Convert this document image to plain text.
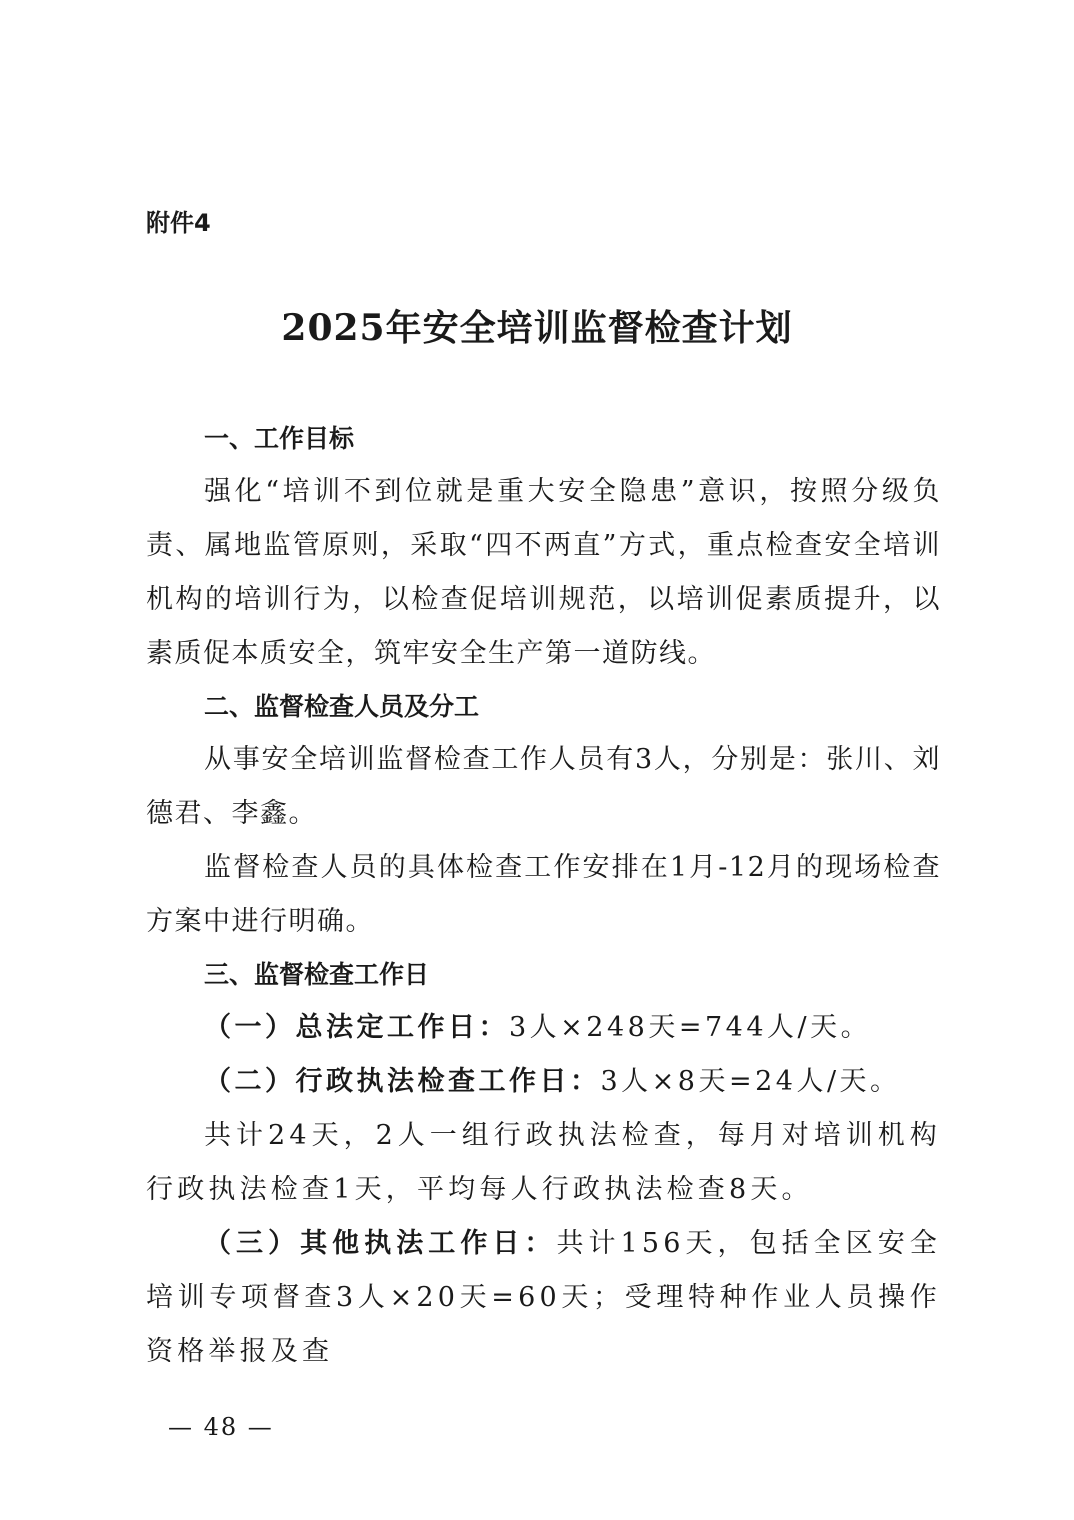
附件4
2025年安全培训监督检查计划

一、工作目标

强化“培训不到位就是重大安全隐患”意识，按照分级负责、属地监管原则，采取“四不两直”方式，重点检查安全培训机构的培训行为，以检查促培训规范，以培训促素质提升，以素质促本质安全，筑牢安全生产第一道防线。

二、监督检查人员及分工

从事安全培训监督检查工作人员有3人，分别是：张川、刘德君、李鑫。

监督检查人员的具体检查工作安排在1月-12月的现场检查方案中进行明确。

三、监督检查工作日

（一）总法定工作日：3人×248天=744人/天。

（二）行政执法检查工作日：3人×8天=24人/天。

共计24天，2人一组行政执法检查，每月对培训机构行政执法检查1天，平均每人行政执法检查8天。

（三）其他执法工作日：共计156天，包括全区安全培训专项督查3人×20天=60天；受理特种作业人员操作资格举报及查

— 48 —
